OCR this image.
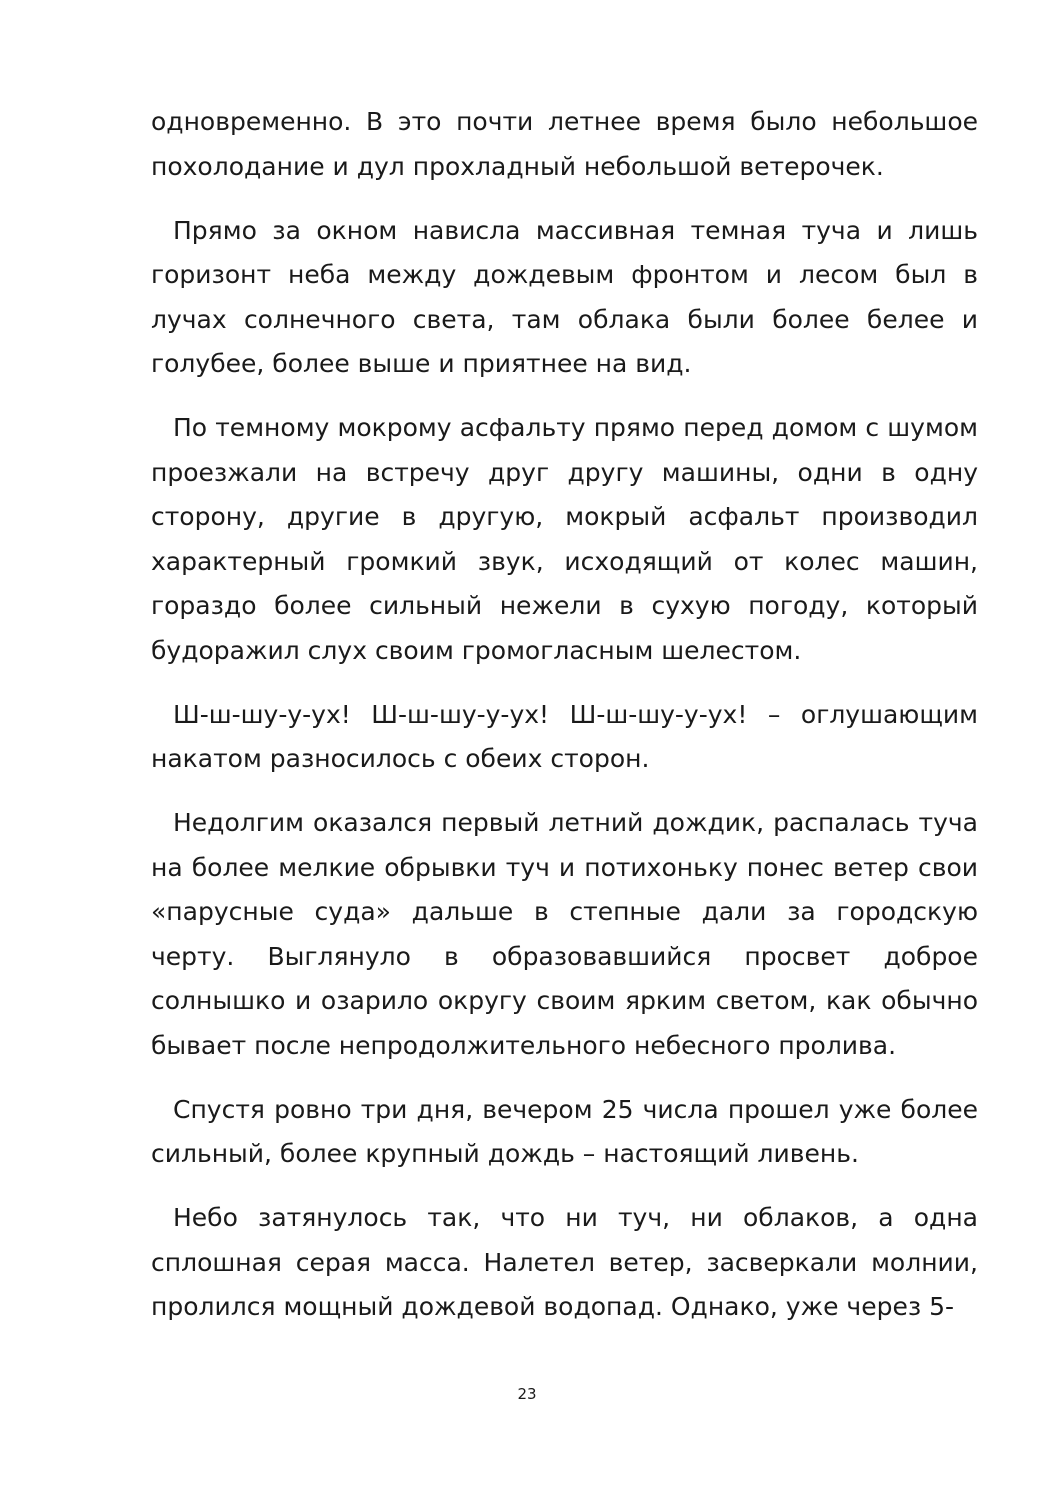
одновременно. В это почти летнее время было небольшое похолодание и дул прохладный небольшой ветерочек.

Прямо за окном нависла массивная темная туча и лишь горизонт неба между дождевым фронтом и лесом был в лучах солнечного света, там облака были более белее и голубее, более выше и приятнее на вид.

По темному мокрому асфальту прямо перед домом с шумом проезжали на встречу друг другу машины, одни в одну сторону, другие в другую, мокрый асфальт производил характерный громкий звук, исходящий от колес машин, гораздо более сильный нежели в сухую погоду, который будоражил слух своим громогласным шелестом.

Ш-ш-шу-у-ух! Ш-ш-шу-у-ух! Ш-ш-шу-у-ух! – оглушающим накатом разносилось с обеих сторон.

Недолгим оказался первый летний дождик, распалась туча на более мелкие обрывки туч и потихоньку понес ветер свои «парусные суда» дальше в степные дали за городскую черту. Выглянуло в образовавшийся просвет доброе солнышко и озарило округу своим ярким светом, как обычно бывает после непродолжительного небесного пролива.

Спустя ровно три дня, вечером 25 числа прошел уже более сильный, более крупный дождь – настоящий ливень.

Небо затянулось так, что ни туч, ни облаков, а одна сплошная серая масса. Налетел ветер, засверкали молнии, пролился мощный дождевой водопад. Однако, уже через 5-

23
